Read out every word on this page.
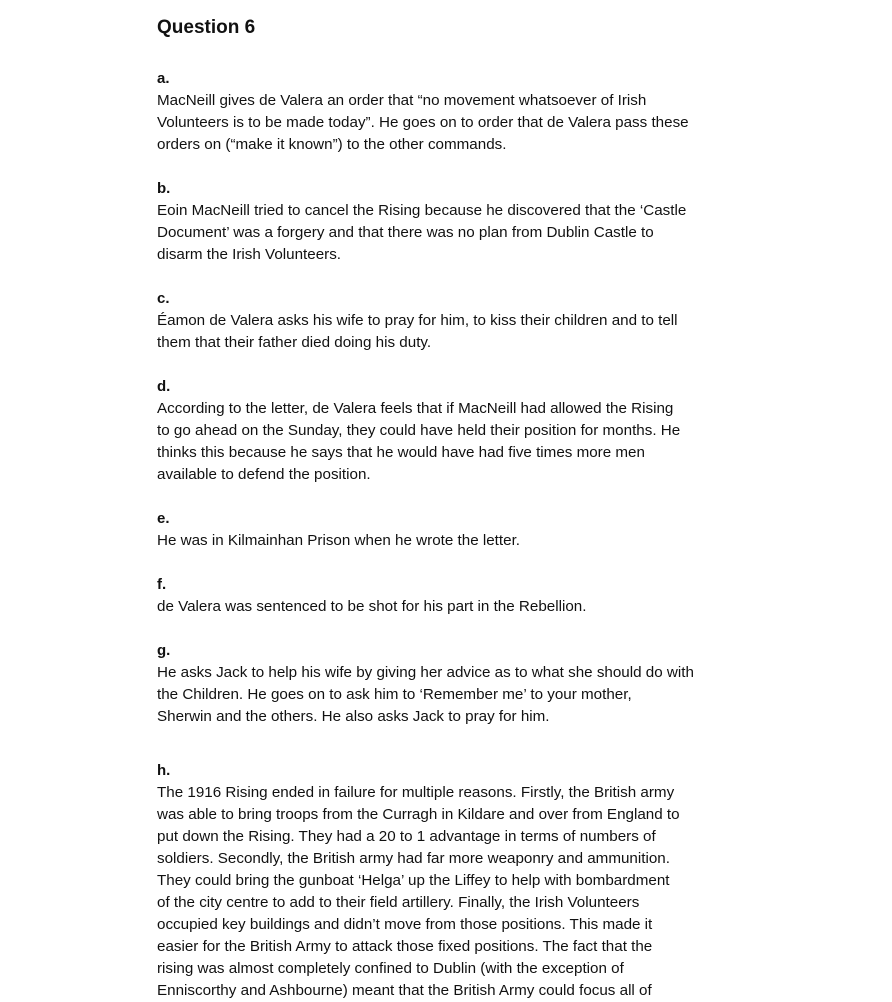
Question 6

a.

MacNeill gives de Valera an order that “no movement whatsoever of Irish
Volunteers is to be made today”. He goes on to order that de Valera pass these
orders on (“make it known”) to the other commands.

b.

Eoin MacNeill tried to cancel the Rising because he discovered that the ‘Castle
Document’ was a forgery and that there was no plan from Dublin Castle to
disarm the Irish Volunteers.

c.

Éamon de Valera asks his wife to pray for him, to kiss their children and to tell
them that their father died doing his duty.

d.

According to the letter, de Valera feels that if MacNeill had allowed the Rising
to go ahead on the Sunday, they could have held their position for months. He
thinks this because he says that he would have had five times more men
available to defend the position.

e.

He was in Kilmainhan Prison when he wrote the letter.

f.

de Valera was sentenced to be shot for his part in the Rebellion.

g.

He asks Jack to help his wife by giving her advice as to what she should do with
the Children. He goes on to ask him to ‘Remember me’ to your mother,
Sherwin and the others. He also asks Jack to pray for him.

h.

The 1916 Rising ended in failure for multiple reasons. Firstly, the British army
was able to bring troops from the Curragh in Kildare and over from England to
put down the Rising. They had a 20 to 1 advantage in terms of numbers of
soldiers. Secondly, the British army had far more weaponry and ammunition.
They could bring the gunboat ‘Helga’ up the Liffey to help with bombardment
of the city centre to add to their field artillery. Finally, the Irish Volunteers
occupied key buildings and didn’t move from those positions. This made it
easier for the British Army to attack those fixed positions. The fact that the
rising was almost completely confined to Dublin (with the exception of
Enniscorthy and Ashbourne) meant that the British Army could focus all of
